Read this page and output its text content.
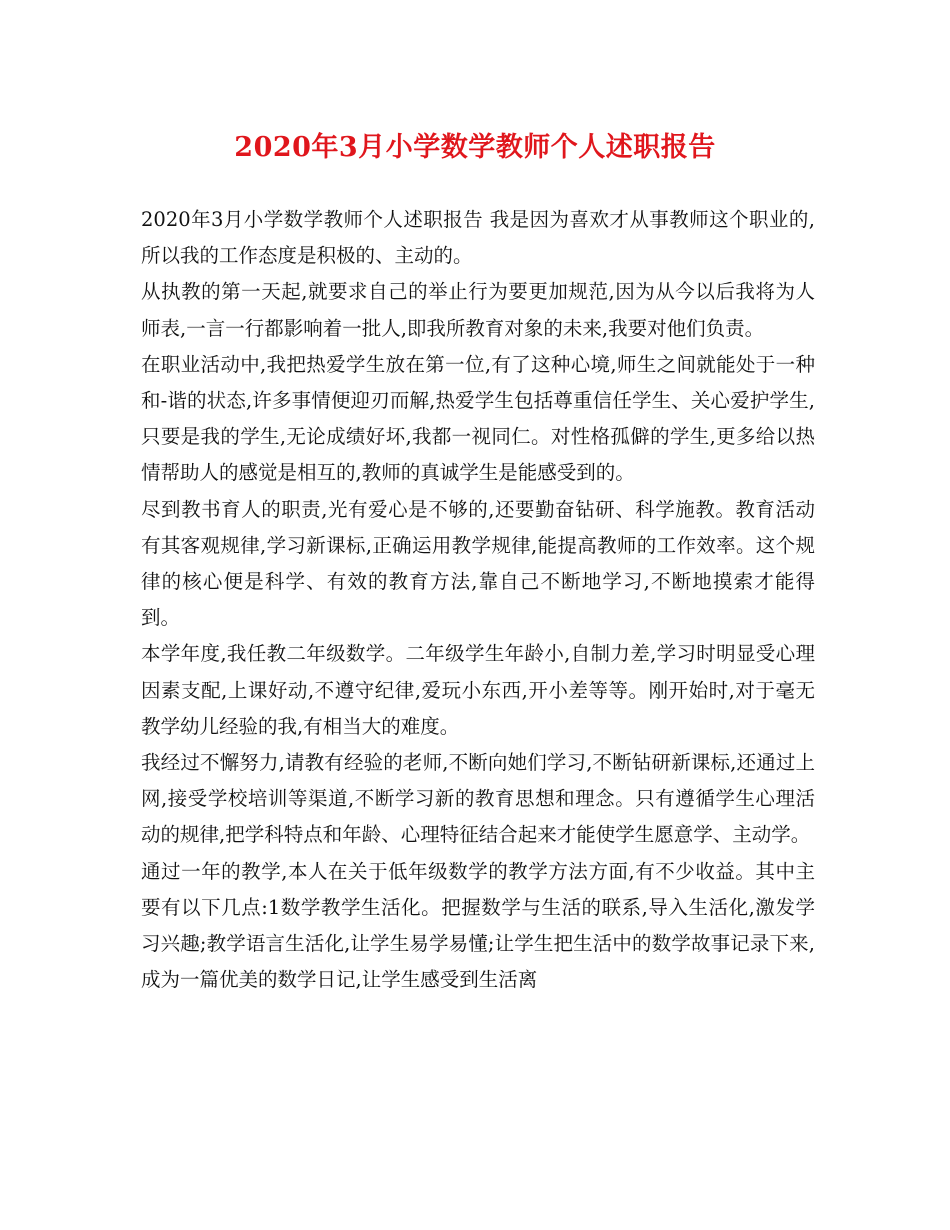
2020年3月小学数学教师个人述职报告

2020年3月小学数学教师个人述职报告 我是因为喜欢才从事教师这个职业的,所以我的工作态度是积极的、主动的。

从执教的第一天起,就要求自己的举止行为要更加规范,因为从今以后我将为人师表,一言一行都影响着一批人,即我所教育对象的未来,我要对他们负责。

在职业活动中,我把热爱学生放在第一位,有了这种心境,师生之间就能处于一种和-谐的状态,许多事情便迎刃而解,热爱学生包括尊重信任学生、关心爱护学生,只要是我的学生,无论成绩好坏,我都一视同仁。对性格孤僻的学生,更多给以热情帮助人的感觉是相互的,教师的真诚学生是能感受到的。

尽到教书育人的职责,光有爱心是不够的,还要勤奋钻研、科学施教。教育活动有其客观规律,学习新课标,正确运用教学规律,能提高教师的工作效率。这个规律的核心便是科学、有效的教育方法,靠自己不断地学习,不断地摸索才能得到。

本学年度,我任教二年级数学。二年级学生年龄小,自制力差,学习时明显受心理因素支配,上课好动,不遵守纪律,爱玩小东西,开小差等等。刚开始时,对于毫无教学幼儿经验的我,有相当大的难度。

我经过不懈努力,请教有经验的老师,不断向她们学习,不断钻研新课标,还通过上网,接受学校培训等渠道,不断学习新的教育思想和理念。只有遵循学生心理活动的规律,把学科特点和年龄、心理特征结合起来才能使学生愿意学、主动学。

通过一年的教学,本人在关于低年级数学的教学方法方面,有不少收益。其中主要有以下几点:1数学教学生活化。把握数学与生活的联系,导入生活化,激发学习兴趣;教学语言生活化,让学生易学易懂;让学生把生活中的数学故事记录下来,成为一篇优美的数学日记,让学生感受到生活离
